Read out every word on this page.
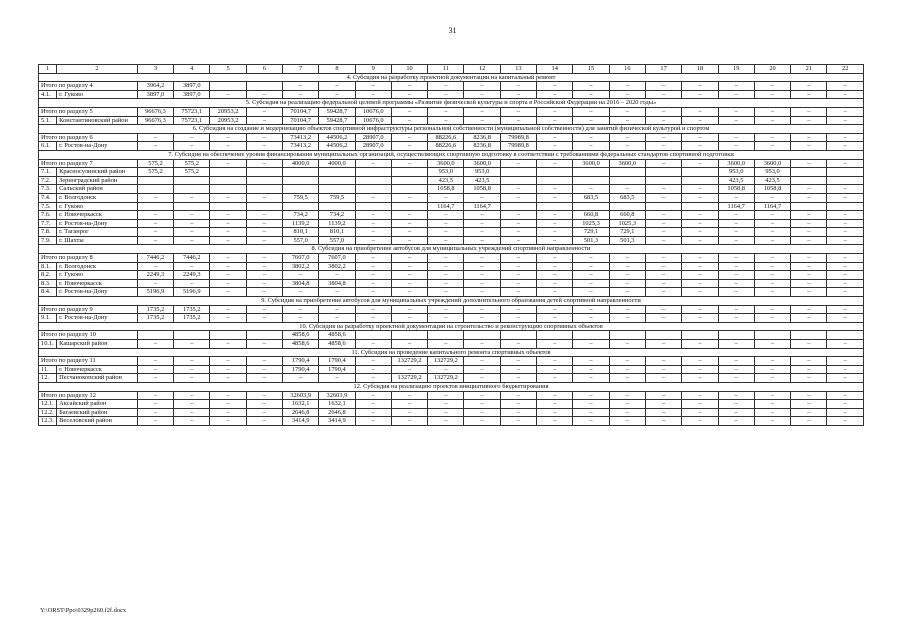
31
1	2	3	4	5	6	7	8	9	10	11	12	13	14	15	16	17	18	19	20	21	22
4. Субсидия на разработку проектной документации на капитальный ремонт																					
Итого по разделу 4		3964,2	3897,0			–	–	–	–	–	–	–	–	–	–	–	–	–	–	–	–
4.1.	г. Гуково	3897,0	3897,0	–	–	–	–	–	–	–	–	–	–	–	–	–	–	–	–	–	–
5. Субсидия на реализацию федеральной целевой программы «Развитие физической культуры и спорта в Российской Федерации на 2016 – 2020 годы»																					
Итого по разделу 5		96676,3	75723,1	20953,2	–	70104,7	59428,7	10676,0	–	–	–	–	–	–	–	–	–	–	–	–	–
5.1.	Константиновский район	96676,3	75723,1	20953,2	–	70104,7	59428,7	10676,0	–	–	–	–	–	–	–	–	–	–	–	–	–
6. Субсидия на создание и модернизацию объектов спортивной инфраструктуры региональной собственности (муниципальной собственности) для занятий физической культурой и спортом																					
Итого по разделу 6		–	–	–	–	73413,2	44506,2	28907,0	–	88226,6	8236,8	79989,8	–	–	–	–	–	–	–	–	–
6.1.	г. Ростов-на-Дону	–	–	–	–	73413,2	44506,2	28907,0	–	88226,6	8236,8	79989,8	–	–	–	–	–	–	–	–	–
7. Субсидия на обеспечение уровня финансирования муниципальных организаций, осуществляющих спортивную подготовку в соответствии с требованиями федеральных стандартов спортивной подготовки																					
Итого по разделу 7		575,2	575,2	–	–	4000,0	4000,0	–	–	3600,0	3600,0	–	–	3600,0	3600,0	–	–	3600,0	3600,0	–	–
7.1.	Красносулинский район	575,2	575,2							953,0	953,0							953,0	953,0		
7.2.	Зерноградский район									423,5	423,5							423,5	423,5		
7.3.	Сальский район									1058,8	1058,8	–	–	–	–	–	–	1058,8	1058,8	–	–
7.4.	г. Волгодонск	–	–	–	–	759,5	759,5	–	–	–	–	–	–	683,5	683,5	–	–	–	–	–	–
7.5.	г. Гуково									1164,7	1164,7							1164,7	1164,7		
7.6.	г. Новочеркасск	–	–	–	–	734,2	734,2	–	–	–	–	–	–	660,8	660,8	–	–	–	–	–	–
7.7.	г. Ростов-на-Дону	–	–	–	–	1139,2	1139,2	–	–	–	–	–	–	1025,3	1025,3	–	–	–	–	–	–
7.8.	г. Таганрог	–	–	–	–	810,1	810,1	–	–	–	–	–	–	729,1	729,1	–	–	–	–	–	–
7.9.	г. Шахты	–	–	–	–	557,0	557,0	–	–	–	–	–	–	501,3	501,3	–	–	–	–	–	–
8. Субсидия на приобретение автобусов для муниципальных учреждений спортивной направленности																					
Итого по разделу 8		7446,2	7446,2	–	–	7607,0	7607,0	–	–	–	–	–	–	–	–	–	–	–	–	–	–
8.1.	г. Волгодонск	–	–	–	–	3802,2	3802,2	–	–	–	–	–	–	–	–	–	–	–	–	–	–
8.2.	г. Гуково	2249,3	2249,3	–	–	–	–	–	–	–	–	–	–	–	–	–	–	–	–	–	–
8.3.	г. Новочеркасск	–	–	–	–	3804,8	3804,8	–	–	–	–	–	–	–	–	–	–	–	–	–	–
8.4.	г. Ростов-на-Дону	5196,9	5196,9	–	–	–	–	–	–	–	–	–	–	–	–	–	–	–	–	–	–
9. Субсидия на приобретение автобусов для муниципальных учреждений дополнительного образования детей спортивной направленности																					
Итого по разделу 9		1735,2	1735,2	–	–	–	–	–	–	–	–	–	–	–	–	–	–	–	–	–	–
9.1.	г. Ростов-на-Дону	1735,2	1735,2	–	–	–	–	–	–	–	–	–	–	–	–	–	–	–	–	–	–
10. Субсидия на разработку проектной документации на строительство и реконструкцию спортивных объектов																					
Итого по разделу 10						4858,6	4858,6														
10.1.	Кашарский район	–	–	–	–	4858,6	4858,6	–	–	–	–	–	–	–	–	–	–	–	–	–	–
11. Субсидия на проведение капитального ремонта спортивных объектов																					
Итого по разделу 11		–	–	–	–	1790,4	1790,4	–	132729,2	132729,2	–	–	–	–	–	–	–	–	–	–	–
11.	г. Новочеркасск	–	–	–	–	1790,4	1790,4	–	–	–	–	–	–	–	–	–	–	–	–	–	–
12.	Песчанокопский район	–	–	–	–	–	–	–	132729,2	132729,2	–	–	–	–	–	–	–	–	–	–	–
12. Субсидия на реализацию проектов инициативного бюджетирования																					
Итого по разделу 12		–	–	–	–	32603,9	32603,9	–	–	–	–	–	–	–	–	–	–	–	–	–	–
12.1.	Аксайский район	–	–	–	–	1632,1	1632,1	–	–	–	–	–	–	–	–	–	–	–	–	–	–
12.2.	Багаевский район	–	–	–	–	2646,8	2646,8	–	–	–	–	–	–	–	–	–	–	–	–	–	–
12.3.	Веселовский район	–	–	–	–	3414,9	3414,9	–	–	–	–	–	–	–	–	–	–	–	–	–	–
Y:\ORST\Ppo\0329p260.f2f.docx
